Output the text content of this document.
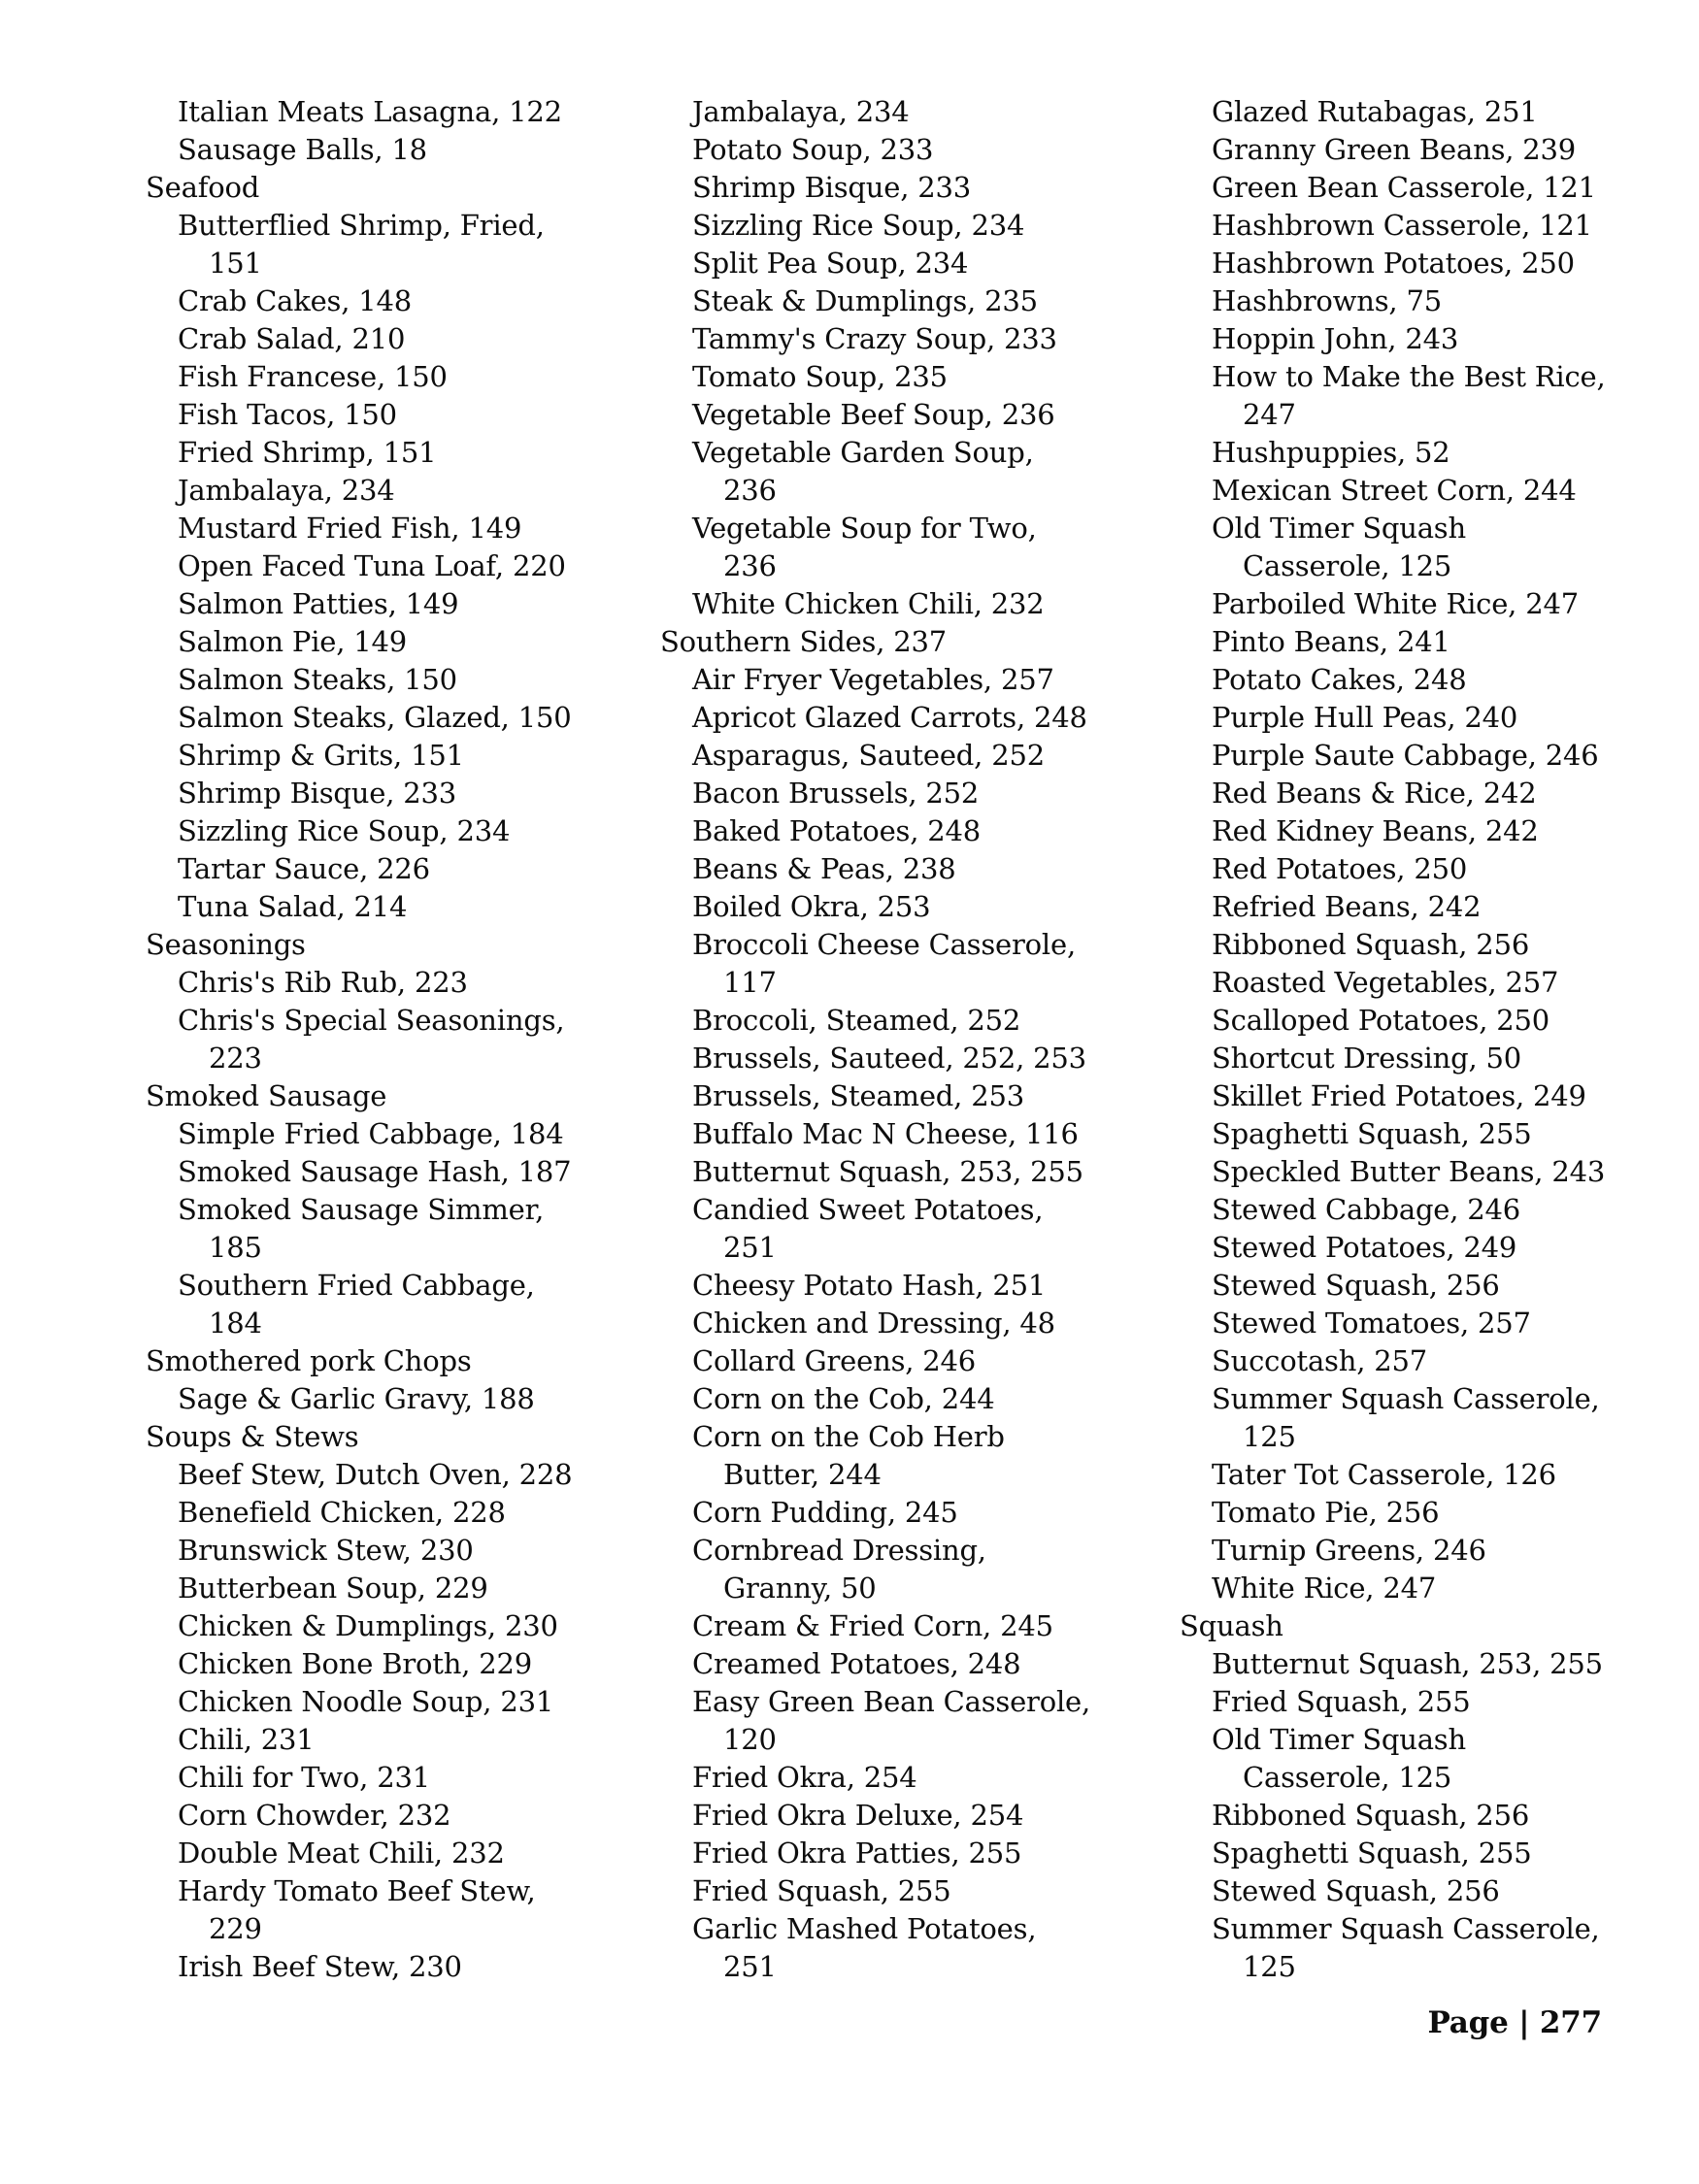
Italian Meats Lasagna, 122
Sausage Balls, 18
Seafood
Butterflied Shrimp, Fried,
151
Crab Cakes, 148
Crab Salad, 210
Fish Francese, 150
Fish Tacos, 150
Fried Shrimp, 151
Jambalaya, 234
Mustard Fried Fish, 149
Open Faced Tuna Loaf, 220
Salmon Patties, 149
Salmon Pie, 149
Salmon Steaks, 150
Salmon Steaks, Glazed, 150
Shrimp & Grits, 151
Shrimp Bisque, 233
Sizzling Rice Soup, 234
Tartar Sauce, 226
Tuna Salad, 214
Seasonings
Chris's Rib Rub, 223
Chris's Special Seasonings,
223
Smoked Sausage
Simple Fried Cabbage, 184
Smoked Sausage Hash, 187
Smoked Sausage Simmer,
185
Southern Fried Cabbage,
184
Smothered pork Chops
Sage & Garlic Gravy, 188
Soups & Stews
Beef Stew, Dutch Oven, 228
Benefield Chicken, 228
Brunswick Stew, 230
Butterbean Soup, 229
Chicken & Dumplings, 230
Chicken Bone Broth, 229
Chicken Noodle Soup, 231
Chili, 231
Chili for Two, 231
Corn Chowder, 232
Double Meat Chili, 232
Hardy Tomato Beef Stew,
229
Irish Beef Stew, 230
Jambalaya, 234
Potato Soup, 233
Shrimp Bisque, 233
Sizzling Rice Soup, 234
Split Pea Soup, 234
Steak & Dumplings, 235
Tammy's Crazy Soup, 233
Tomato Soup, 235
Vegetable Beef Soup, 236
Vegetable Garden Soup,
236
Vegetable Soup for Two,
236
White Chicken Chili, 232
Southern Sides, 237
Air Fryer Vegetables, 257
Apricot Glazed Carrots, 248
Asparagus, Sauteed, 252
Bacon Brussels, 252
Baked Potatoes, 248
Beans & Peas, 238
Boiled Okra, 253
Broccoli Cheese Casserole,
117
Broccoli, Steamed, 252
Brussels, Sauteed, 252, 253
Brussels, Steamed, 253
Buffalo Mac N Cheese, 116
Butternut Squash, 253, 255
Candied Sweet Potatoes,
251
Cheesy Potato Hash, 251
Chicken and Dressing, 48
Collard Greens, 246
Corn on the Cob, 244
Corn on the Cob Herb
Butter, 244
Corn Pudding, 245
Cornbread Dressing,
Granny, 50
Cream & Fried Corn, 245
Creamed Potatoes, 248
Easy Green Bean Casserole,
120
Fried Okra, 254
Fried Okra Deluxe, 254
Fried Okra Patties, 255
Fried Squash, 255
Garlic Mashed Potatoes,
251
Glazed Rutabagas, 251
Granny Green Beans, 239
Green Bean Casserole, 121
Hashbrown Casserole, 121
Hashbrown Potatoes, 250
Hashbrowns, 75
Hoppin John, 243
How to Make the Best Rice,
247
Hushpuppies, 52
Mexican Street Corn, 244
Old Timer Squash
Casserole, 125
Parboiled White Rice, 247
Pinto Beans, 241
Potato Cakes, 248
Purple Hull Peas, 240
Purple Saute Cabbage, 246
Red Beans & Rice, 242
Red Kidney Beans, 242
Red Potatoes, 250
Refried Beans, 242
Ribboned Squash, 256
Roasted Vegetables, 257
Scalloped Potatoes, 250
Shortcut Dressing, 50
Skillet Fried Potatoes, 249
Spaghetti Squash, 255
Speckled Butter Beans, 243
Stewed Cabbage, 246
Stewed Potatoes, 249
Stewed Squash, 256
Stewed Tomatoes, 257
Succotash, 257
Summer Squash Casserole,
125
Tater Tot Casserole, 126
Tomato Pie, 256
Turnip Greens, 246
White Rice, 247
Squash
Butternut Squash, 253, 255
Fried Squash, 255
Old Timer Squash
Casserole, 125
Ribboned Squash, 256
Spaghetti Squash, 255
Stewed Squash, 256
Summer Squash Casserole,
125
Page | 277
